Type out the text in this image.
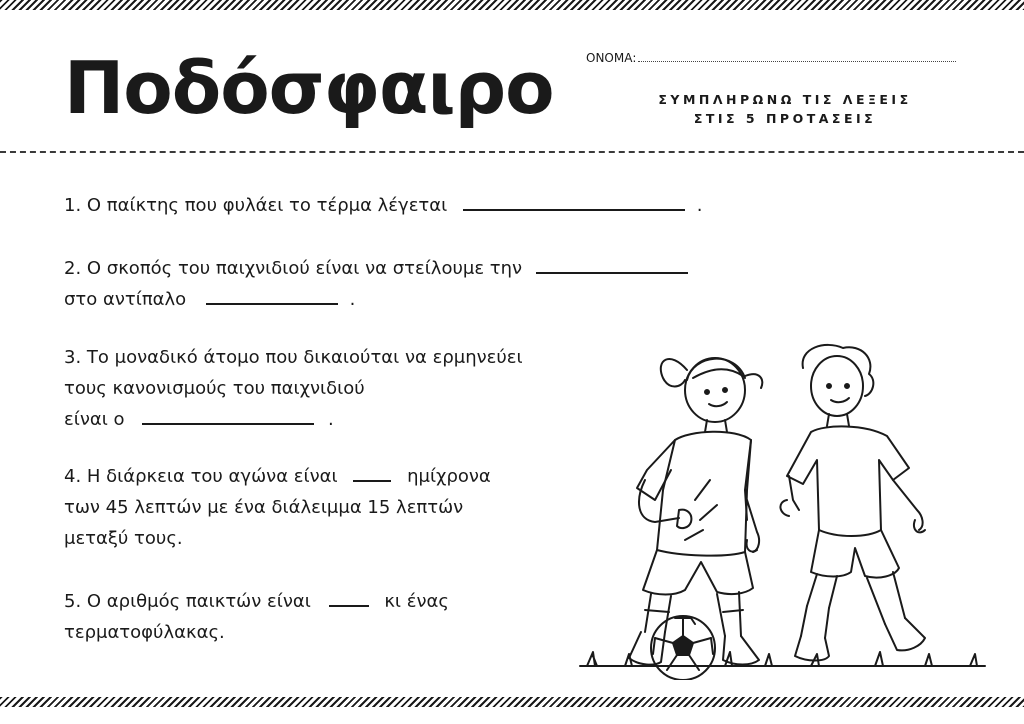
Ποδόσφαιρο	ΟΝΟΜΑ:
ΣΥΜΠΛΗΡΩΝΩ ΤΙΣ ΛΕΞΕΙΣ
ΣΤΙΣ 5 ΠΡΟΤΑΣΕΙΣ
1. Ο παίκτης που φυλάει το τέρμα λέγεται	.
2. Ο σκοπός του παιχνιδιού είναι να στείλουμε την
στο αντίπαλο	.
3. Το μοναδικό άτομο που δικαιούται να ερμηνεύει
τους κανονισμούς του παιχνιδιού
είναι ο	.
4. Η διάρκεια του αγώνα είναι	ημίχρονα
των 45 λεπτών με ένα διάλειμμα 15 λεπτών
μεταξύ τους.
5. Ο αριθμός παικτών είναι	κι ένας
τερματοφύλακας.
